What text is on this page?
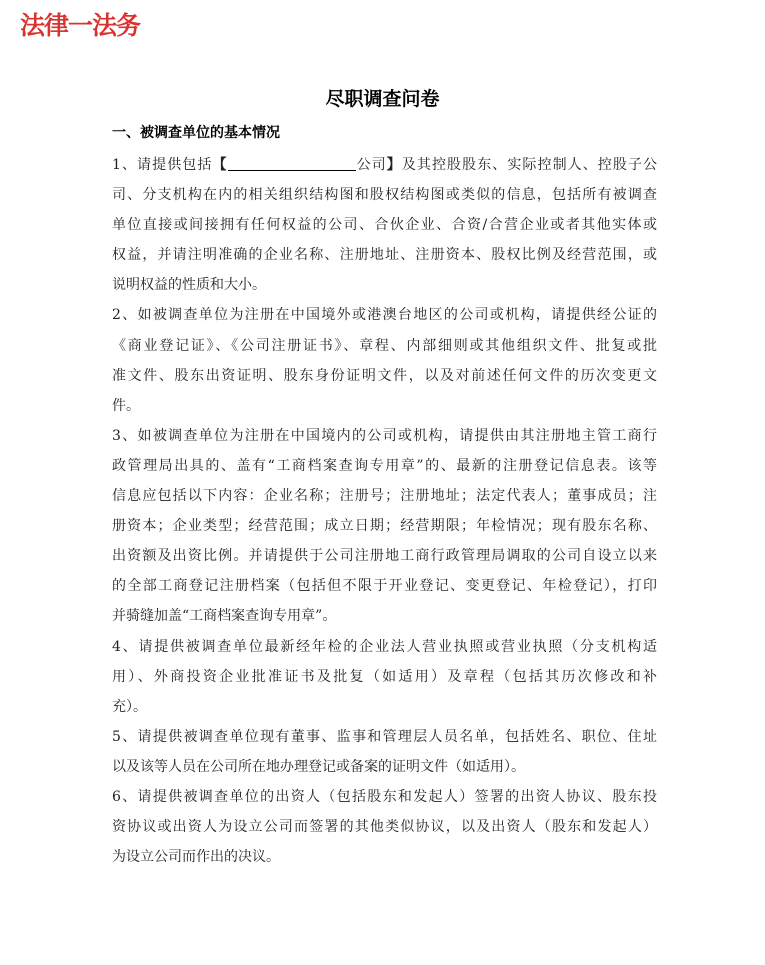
法律一法务
尽职调查问卷
一、被调查单位的基本情况
1、请提供包括【	公司】及其控股股东、实际控制人、控股子公
司、分支机构在内的相关组织结构图和股权结构图或类似的信息，包括所有被调查
单位直接或间接拥有任何权益的公司、合伙企业、合资/合营企业或者其他实体或
权益，并请注明准确的企业名称、注册地址、注册资本、股权比例及经营范围，或
说明权益的性质和大小。
2、如被调查单位为注册在中国境外或港澳台地区的公司或机构，请提供经公证的
《商业登记证》、《公司注册证书》、章程、内部细则或其他组织文件、批复或批
准文件、股东出资证明、股东身份证明文件，以及对前述任何文件的历次变更文
件。
3、如被调查单位为注册在中国境内的公司或机构，请提供由其注册地主管工商行
政管理局出具的、盖有“工商档案查询专用章”的、最新的注册登记信息表。该等
信息应包括以下内容：企业名称；注册号；注册地址；法定代表人；董事成员；注
册资本；企业类型；经营范围；成立日期；经营期限；年检情况；现有股东名称、
出资额及出资比例。并请提供于公司注册地工商行政管理局调取的公司自设立以来
的全部工商登记注册档案（包括但不限于开业登记、变更登记、年检登记），打印
并骑缝加盖“工商档案查询专用章”。
4、请提供被调查单位最新经年检的企业法人营业执照或营业执照（分支机构适
用）、外商投资企业批准证书及批复（如适用）及章程（包括其历次修改和补
充）。
5、请提供被调查单位现有董事、监事和管理层人员名单，包括姓名、职位、住址
以及该等人员在公司所在地办理登记或备案的证明文件（如适用）。
6、请提供被调查单位的出资人（包括股东和发起人）签署的出资人协议、股东投
资协议或出资人为设立公司而签署的其他类似协议，以及出资人（股东和发起人）
为设立公司而作出的决议。
